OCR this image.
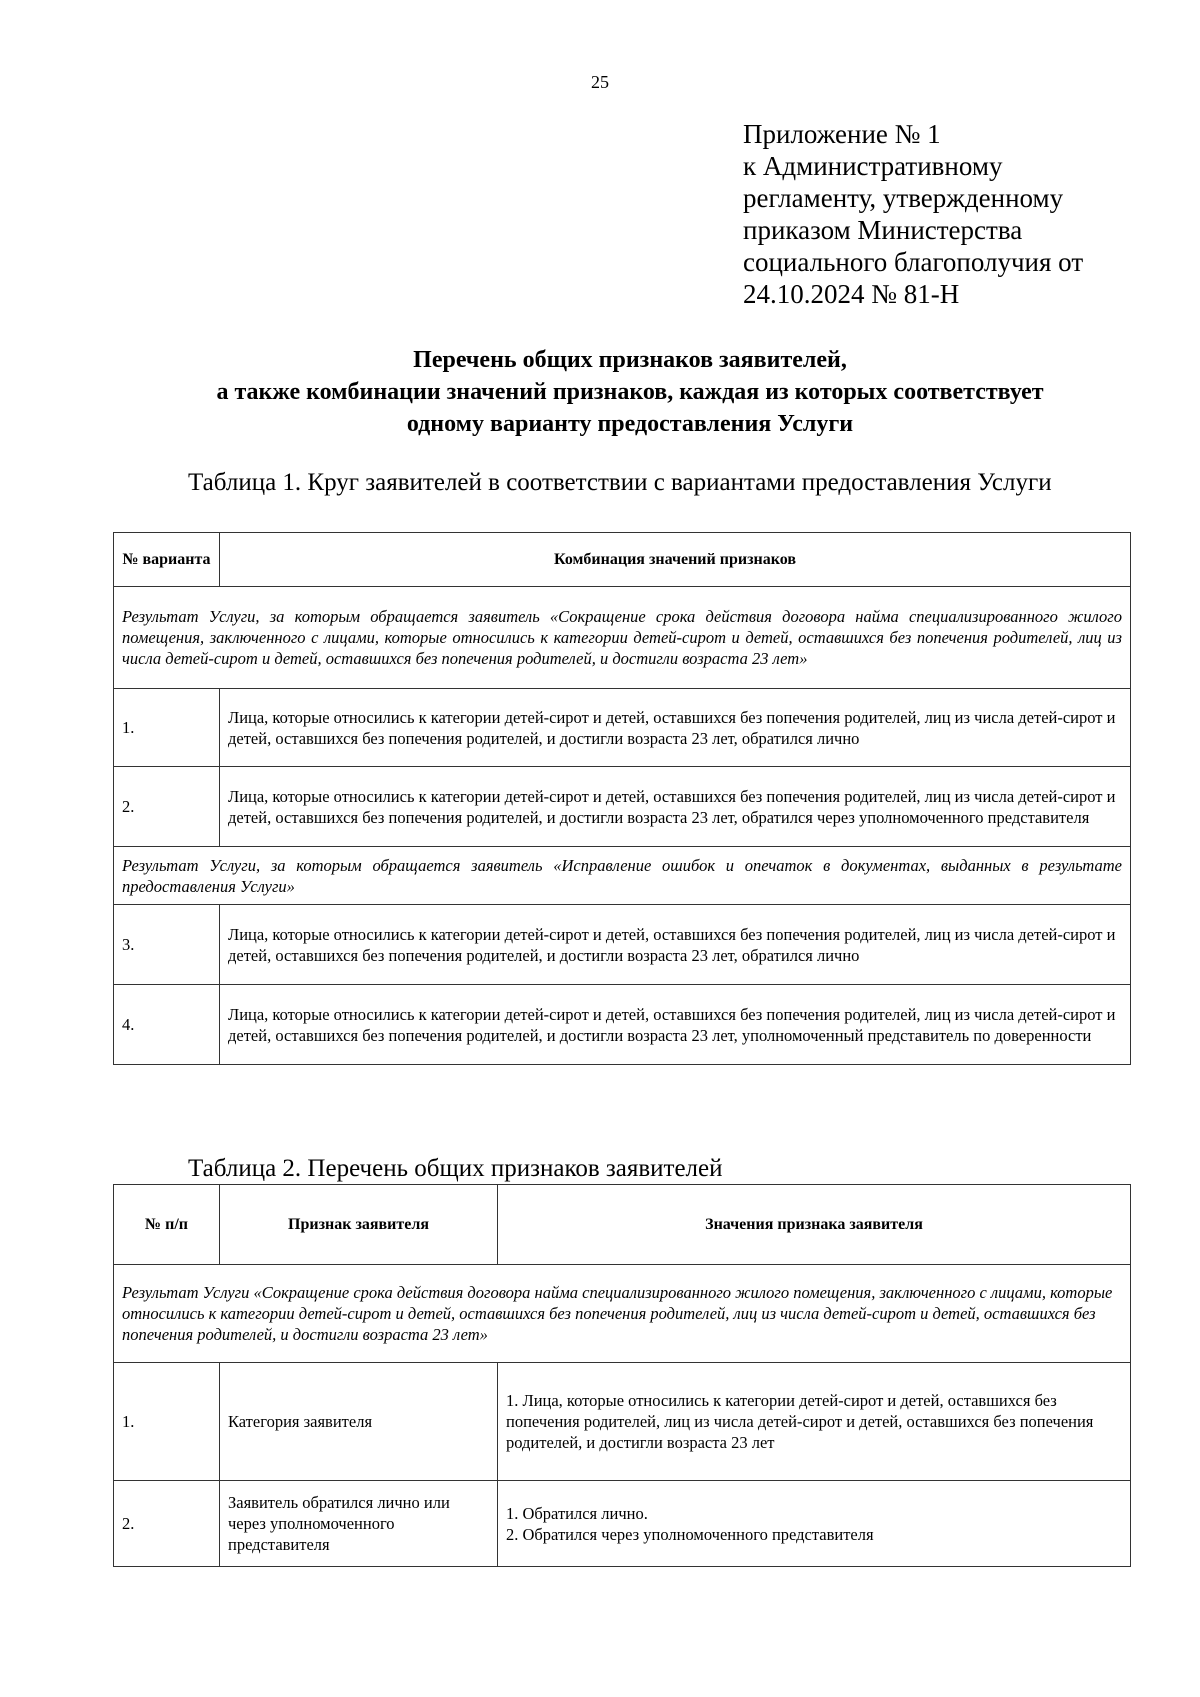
25
Приложение № 1
к Административному
регламенту, утвержденному
приказом Министерства
социального благополучия от
24.10.2024 № 81-Н
Перечень общих признаков заявителей,
а также комбинации значений признаков, каждая из которых соответствует
одному варианту предоставления Услуги
Таблица 1. Круг заявителей в соответствии с вариантами предоставления Услуги
№ варианта	Комбинация значений признаков
Результат Услуги, за которым обращается заявитель «Сокращение срока действия договора найма специализированного жилого помещения, заключенного с лицами, которые относились к категории детей-сирот и детей, оставшихся без попечения родителей, лиц из числа детей-сирот и детей, оставшихся без попечения родителей, и достигли возраста 23 лет»	
1.	Лица, которые относились к категории детей-сирот и детей, оставшихся без попечения родителей, лиц из числа детей-сирот и детей, оставшихся без попечения родителей, и достигли возраста 23 лет, обратился лично
2.	Лица, которые относились к категории детей-сирот и детей, оставшихся без попечения родителей, лиц из числа детей-сирот и детей, оставшихся без попечения родителей, и достигли возраста 23 лет, обратился через уполномоченного представителя
Результат Услуги, за которым обращается заявитель «Исправление ошибок и опечаток в документах, выданных в результате предоставления Услуги»	
3.	Лица, которые относились к категории детей-сирот и детей, оставшихся без попечения родителей, лиц из числа детей-сирот и детей, оставшихся без попечения родителей, и достигли возраста 23 лет, обратился лично
4.	Лица, которые относились к категории детей-сирот и детей, оставшихся без попечения родителей, лиц из числа детей-сирот и детей, оставшихся без попечения родителей, и достигли возраста 23 лет, уполномоченный представитель по доверенности
Таблица 2. Перечень общих признаков заявителей
№ п/п	Признак заявителя	Значения признака заявителя
Результат Услуги «Сокращение срока действия договора найма специализированного жилого помещения, заключенного с лицами, которые относились к категории детей-сирот и детей, оставшихся без попечения родителей, лиц из числа детей-сирот и детей, оставшихся без попечения родителей, и достигли возраста 23 лет»		
1.	Категория заявителя	1. Лица, которые относились к категории детей-сирот и детей, оставшихся без попечения родителей, лиц из числа детей-сирот и детей, оставшихся без попечения родителей, и достигли возраста 23 лет
2.	Заявитель обратился лично или через уполномоченного представителя	1. Обратился лично.
2. Обратился через уполномоченного представителя
